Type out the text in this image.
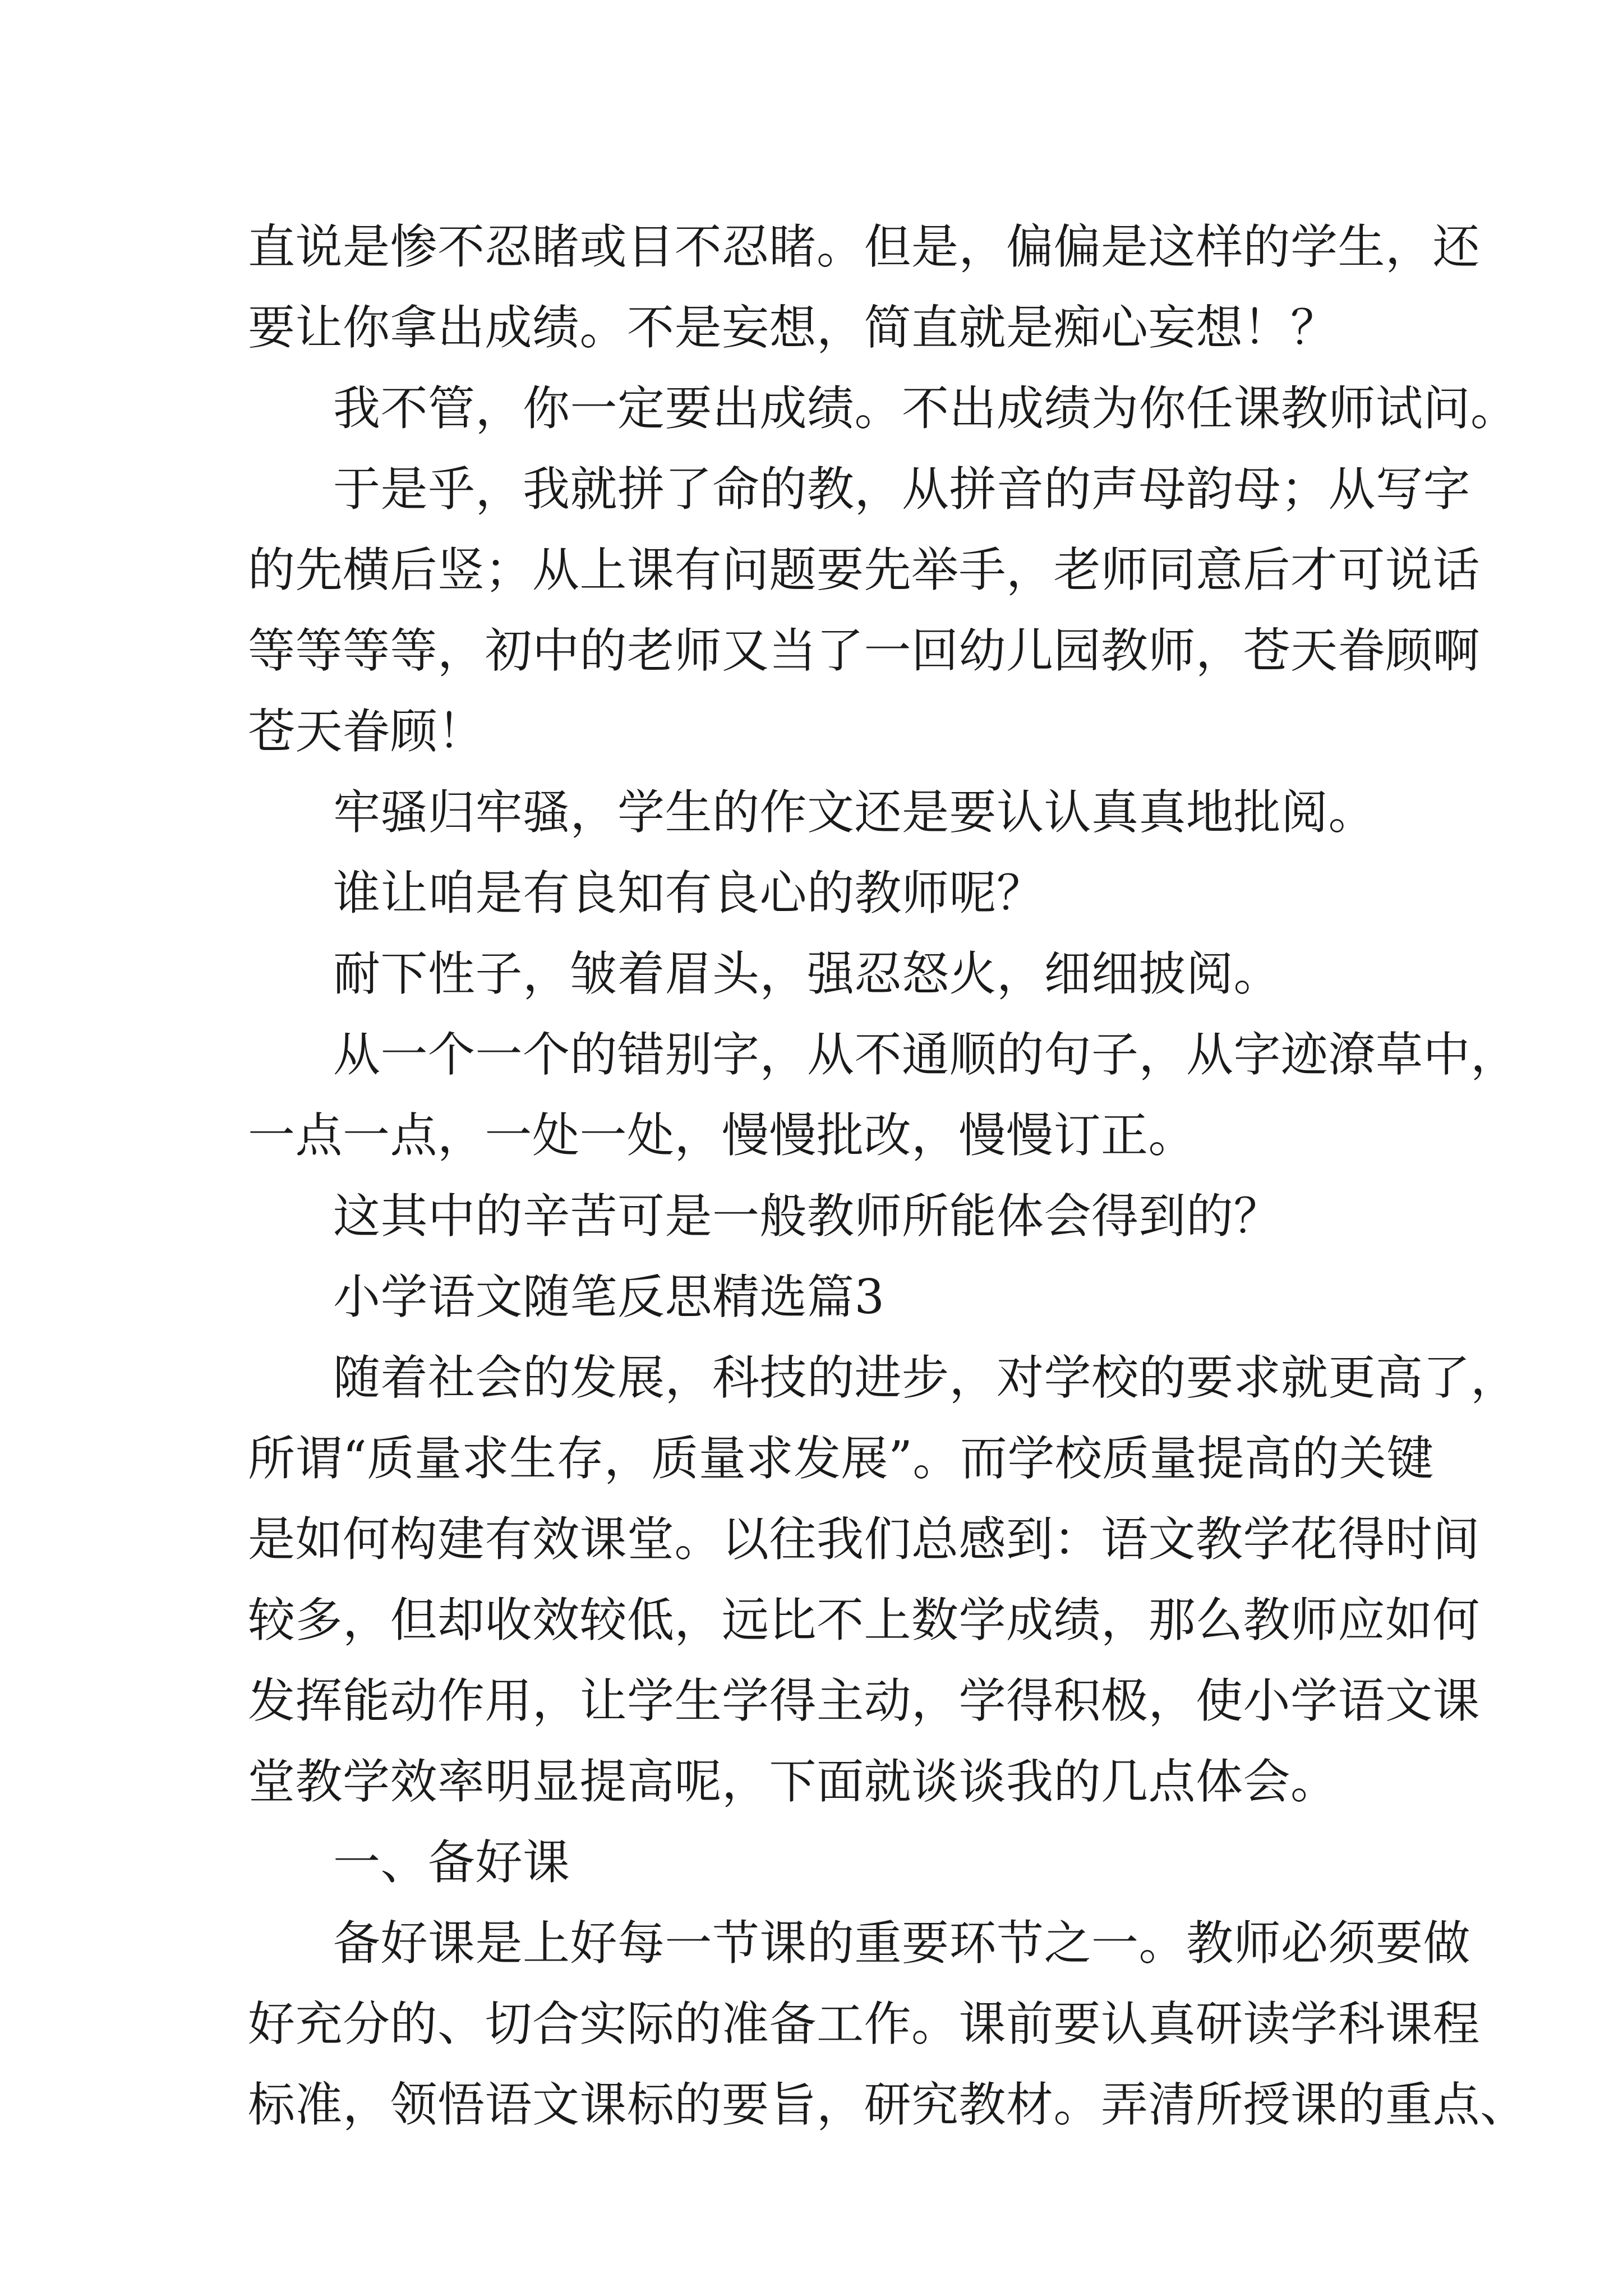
直说是惨不忍睹或目不忍睹。但是，偏偏是这样的学生，还
要让你拿出成绩。不是妄想，简直就是痴心妄想！？
我不管，你一定要出成绩。不出成绩为你任课教师试问。
于是乎，我就拼了命的教，从拼音的声母韵母；从写字
的先横后竖；从上课有问题要先举手，老师同意后才可说话
等等等等，初中的老师又当了一回幼儿园教师，苍天眷顾啊
苍天眷顾！
牢骚归牢骚，学生的作文还是要认认真真地批阅。
谁让咱是有良知有良心的教师呢？
耐下性子，皱着眉头，强忍怒火，细细披阅。
从一个一个的错别字，从不通顺的句子，从字迹潦草中，
一点一点，一处一处，慢慢批改，慢慢订正。
这其中的辛苦可是一般教师所能体会得到的？
小学语文随笔反思精选篇3
随着社会的发展，科技的进步，对学校的要求就更高了，
所谓“质量求生存，质量求发展”。而学校质量提高的关键
是如何构建有效课堂。以往我们总感到：语文教学花得时间
较多，但却收效较低，远比不上数学成绩，那么教师应如何
发挥能动作用，让学生学得主动，学得积极，使小学语文课
堂教学效率明显提高呢，下面就谈谈我的几点体会。
一、备好课
备好课是上好每一节课的重要环节之一。教师必须要做
好充分的、切合实际的准备工作。课前要认真研读学科课程
标准，领悟语文课标的要旨，研究教材。弄清所授课的重点、
